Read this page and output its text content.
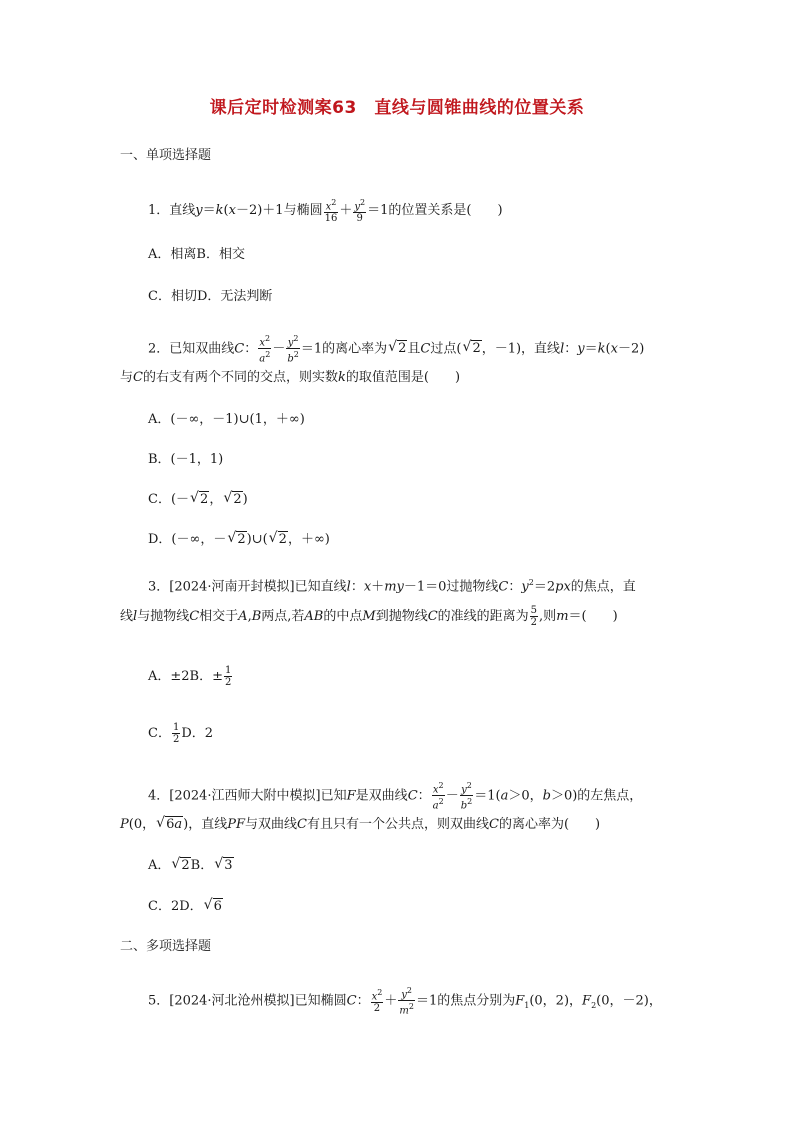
课后定时检测案63　直线与圆锥曲线的位置关系
一、单项选择题
1．直线y＝k(x－2)＋1与椭圆 $\frac{x^2}{16} + \frac{y^2}{9} =1$的位置关系是(　　)
A．相离B．相交
C．相切D．无法判断
2．已知双曲线C： $\frac{x^2}{a^2} - \frac{y^2}{b^2} =1$的离心率为 √ 2且C过点( √ 2，－1)，直线l：y＝k(x－2)
与C的右支有两个不同的交点，则实数k的取值范围是(　　)
A．(－∞，－1)∪(1，＋∞)
B．(－1，1)
C．(－ √ 2， √ 2)
D．(－∞，－ √ 2)∪( √ 2，＋∞)
3．[2024·河南开封模拟]已知直线l：x＋my－1＝0过抛物线C：$y^2=2px$的焦点，直
线l与抛物线C相交于A,B两点,若AB的中点M到抛物线C的准线的距离为 $\frac{5}{2}$ ,则m＝(　　)
A．±2B．± $\frac{1}{2}$
C． $\frac{1}{2}$ D．2
4．[2024·江西师大附中模拟]已知F是双曲线C： $\frac{x^2}{a^2} - \frac{y^2}{b^2} =1(a>0$，b＞0)的左焦点，
P(0， √ 6a)，直线PF与双曲线C有且只有一个公共点，则双曲线C的离心率为(　　)
A． √ 2B． √ 3
C．2D． √ 6
二、多项选择题
5．[2024·河北沧州模拟]已知椭圆C： $\frac{x^2}{2} + \frac{y^2}{m^2} =1$的焦点分别为$F_1(0$，2)，$F_2(0$，－2)，
